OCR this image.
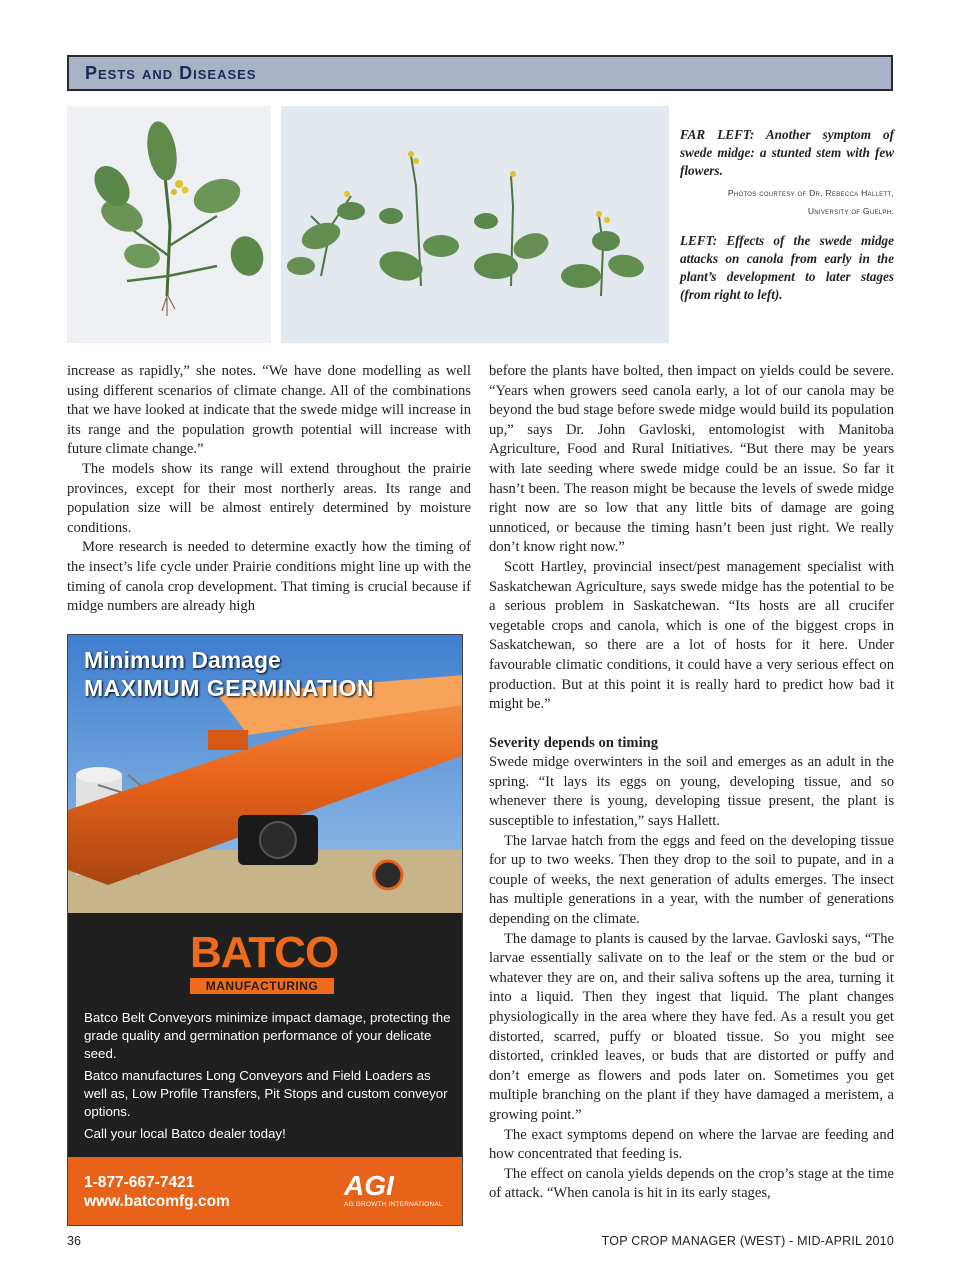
Pests and Diseases

FAR LEFT: Another symptom of swede midge: a stunted stem with few flowers.

Photos courtesy of Dr. Rebecca Hallett,
University of Guelph.

LEFT: Effects of the swede midge attacks on canola from early in the plant’s development to later stages (from right to left).

increase as rapidly,” she notes. “We have done modelling as well using different scenarios of climate change. All of the combinations that we have looked at indicate that the swede midge will increase in its range and the population growth potential will increase with future climate change.”

The models show its range will extend throughout the prairie provinces, except for their most northerly areas. Its range and population size will be almost entirely determined by moisture conditions.

More research is needed to determine exactly how the timing of the insect’s life cycle under Prairie conditions might line up with the timing of canola crop development. That timing is crucial because if midge numbers are already high

Minimum Damage
MAXIMUM GERMINATION
BATCO
MANUFACTURING

Batco Belt Conveyors minimize impact damage, protecting the grade quality and germination performance of your delicate seed.

Batco manufactures Long Conveyors and Field Loaders as well as, Low Profile Transfers, Pit Stops and custom conveyor options.

Call your local Batco dealer today!

1-877-667-7421
www.batcomfg.com
AGI
AG GROWTH INTERNATIONAL

before the plants have bolted, then impact on yields could be severe. “Years when growers seed canola early, a lot of our canola may be beyond the bud stage before swede midge would build its population up,” says Dr. John Gavloski, entomologist with Manitoba Agriculture, Food and Rural Initiatives. “But there may be years with late seeding where swede midge could be an issue. So far it hasn’t been. The reason might be because the levels of swede midge right now are so low that any little bits of damage are going unnoticed, or because the timing hasn’t been just right. We really don’t know right now.”

Scott Hartley, provincial insect/pest management specialist with Saskatchewan Agriculture, says swede midge has the potential to be a serious problem in Saskatchewan. “Its hosts are all crucifer vegetable crops and canola, which is one of the biggest crops in Saskatchewan, so there are a lot of hosts for it here. Under favourable climatic conditions, it could have a very serious effect on production. But at this point it is really hard to predict how bad it might be.”

Severity depends on timing

Swede midge overwinters in the soil and emerges as an adult in the spring. “It lays its eggs on young, developing tissue, and so whenever there is young, developing tissue present, the plant is susceptible to infestation,” says Hallett.

The larvae hatch from the eggs and feed on the developing tissue for up to two weeks. Then they drop to the soil to pupate, and in a couple of weeks, the next generation of adults emerges. The insect has multiple generations in a year, with the number of generations depending on the climate.

The damage to plants is caused by the larvae. Gavloski says, “The larvae essentially salivate on to the leaf or the stem or the bud or whatever they are on, and their saliva softens up the area, turning it into a liquid. Then they ingest that liquid. The plant changes physiologically in the area where they have fed. As a result you get distorted, scarred, puffy or bloated tissue. So you might see distorted, crinkled leaves, or buds that are distorted or puffy and don’t emerge as flowers and pods later on. Sometimes you get multiple branching on the plant if they have damaged a meristem, a growing point.”

The exact symptoms depend on where the larvae are feeding and how concentrated that feeding is.

The effect on canola yields depends on the crop’s stage at the time of attack. “When canola is hit in its early stages,

36	TOP CROP MANAGER (WEST) - MID-APRIL 2010
